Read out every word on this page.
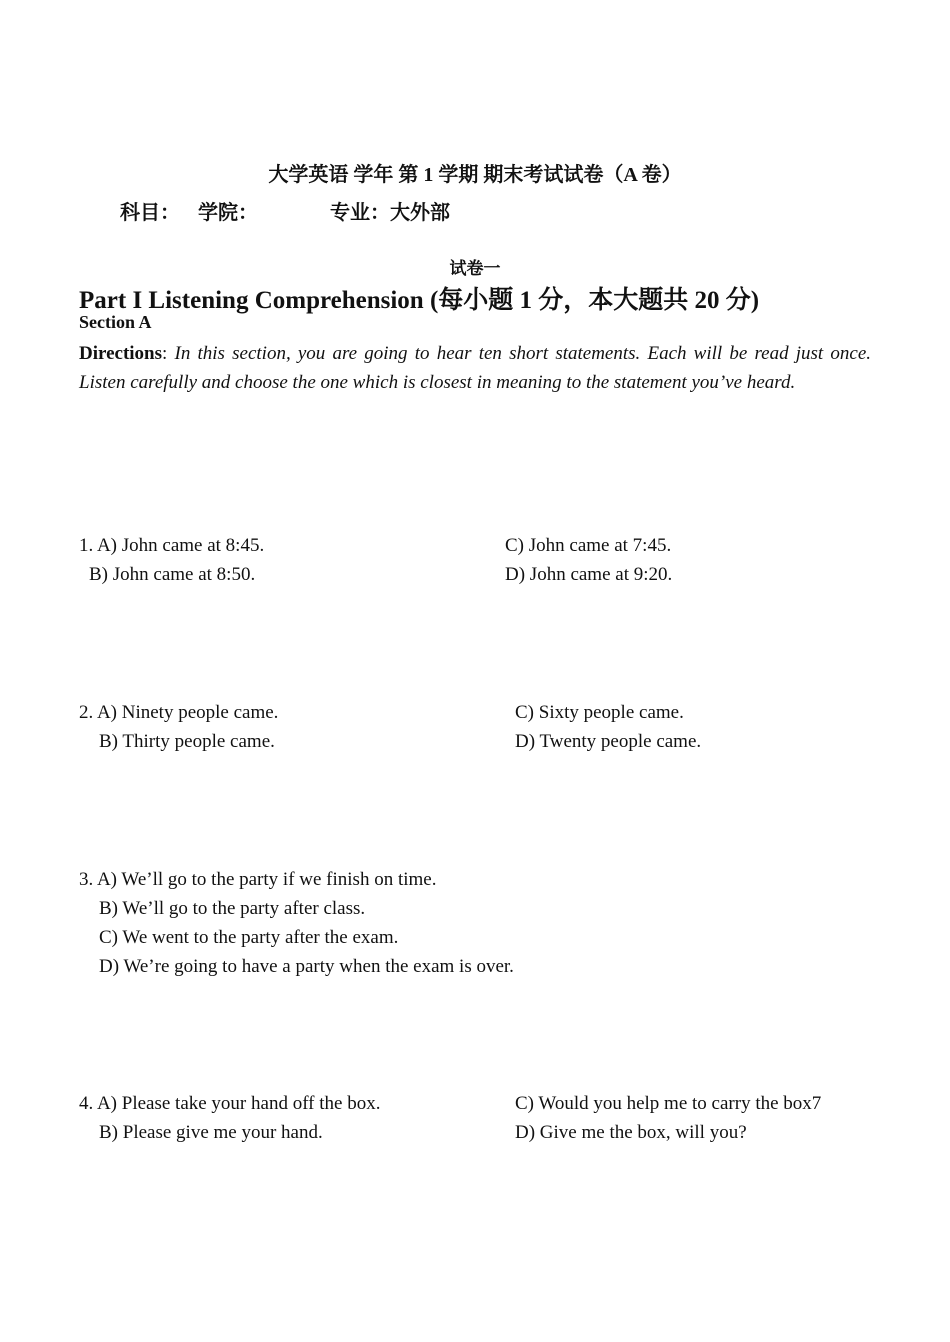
大学英语 学年 第 1 学期 期末考试试卷（A 卷）
科目： 学院：	专业：大外部
试卷一
Part I Listening Comprehension (每小题 1 分，本大题共 20 分)
Section A
Directions: In this section, you are going to hear ten short statements. Each will be read just once. Listen carefully and choose the one which is closest in meaning to the statement you’ve heard.
1. A) John came at 8:45.
B) John came at 8:50.
C) John came at 7:45.
D) John came at 9:20.
2. A) Ninety people came.
B) Thirty people came.
C) Sixty people came.
D) Twenty people came.
3. A) We’ll go to the party if we finish on time.
B) We’ll go to the party after class.
C) We went to the party after the exam.
D) We’re going to have a party when the exam is over.
4. A) Please take your hand off the box.
B) Please give me your hand.
C) Would you help me to carry the box7
D) Give me the box, will you?
